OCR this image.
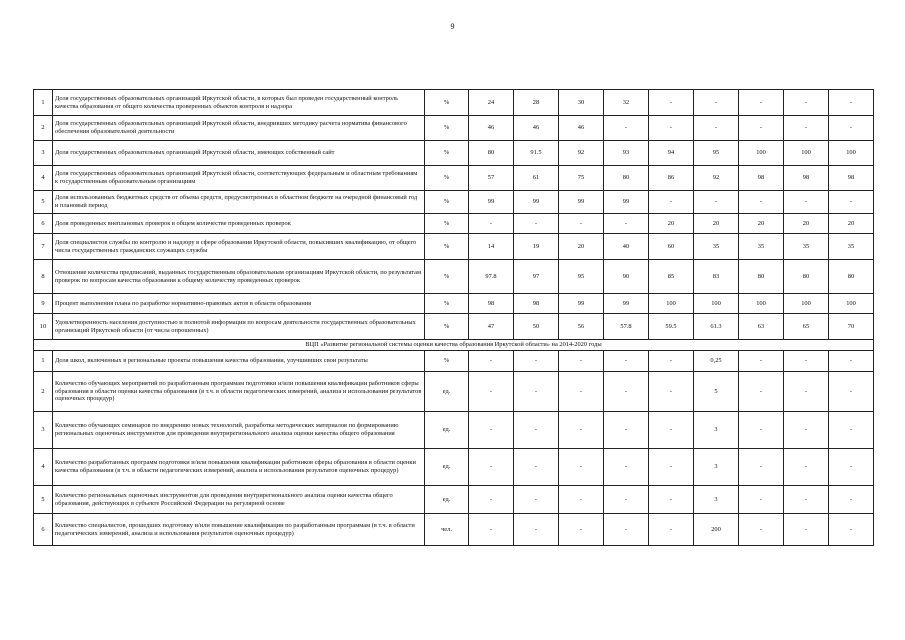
9
1	Доля государственных образовательных организаций Иркутской области, в которых был проведен государственный контроль качества образования от общего количества проверенных объектов контроля и надзора	%	24	28	30	32	-	-	-	-	-
2	Доля государственных образовательных организаций Иркутской области, внедривших методику расчета норматива финансового обеспечения образовательной деятельности	%	46	46	46	-	-	-	-	-	-
3	Доля государственных образовательных организаций Иркутской области, имеющих собственный сайт	%	80	91.5	92	93	94	95	100	100	100
4	Доля государственных образовательных организаций Иркутской области, соответствующих федеральным и областным требованиям к государственным образовательным организациям	%	57	61	75	80	86	92	98	98	98
5	Доля использованных бюджетных средств от объема средств, предусмотренных в областном бюджете на очередной финансовый год и плановый период	%	99	99	99	99	-	-	-	-	-
6	Доля проведенных внеплановых проверок в общем количестве проведенных проверок	%	-	-	-	-	20	20	20	20	20
7	Доля специалистов службы по контролю и надзору в сфере образования Иркутской области, повысивших квалификацию, от общего числа государственных гражданских служащих службы	%	14	19	20	40	60	35	35	35	35
8	Отношение количества предписаний, выданных государственным образовательным организациям Иркутской области, по результатам проверок по вопросам качества образования к общему количеству проведенных проверок	%	97.8	97	95	90	85	83	80	80	80
9	Процент выполнения плана по разработке нормативно-правовых актов в области образования	%	98	98	99	99	100	100	100	100	100
10	Удовлетворенность населения доступностью и полнотой информации по вопросам деятельности государственных образовательных организаций Иркутской области (от числа опрошенных)	%	47	50	56	57.8	59.5	61.3	63	65	70
ВЦП «Развитие региональной системы оценки качества образования Иркутской области» на 2014-2020 годы											
1	Доля школ, включенных в региональные проекты повышения качества образования, улучшивших свои результаты	%	-	-	-	-	-	0,25	-	-	-
2	Количество обучающих мероприятий по разработанным программам подготовки и/или повышения квалификации работников сферы образования в области оценки качества образования (в т.ч. в области педагогических измерений, анализа и использования результатов оценочных процедур)	ед.	-	-	-	-	-	5	-	-	-
3	Количество обучающих семинаров по внедрению новых технологий, разработка методических материалов по формированию региональных оценочных инструментов для проведения внутрирегионального анализа оценки качества общего образования	ед.	-	-	-	-	-	3	-	-	-
4	Количество разработанных программ подготовки и/или повышения квалификации работников сферы образования в области оценки качества образования (в т.ч. в области педагогических измерений, анализа и использования результатов оценочных процедур)	ед.	-	-	-	-	-	3	-	-	-
5	Количество региональных оценочных инструментов для проведения внутрирегионального анализа оценки качества общего образования, действующих в субъекте Российской Федерации на регулярной основе	ед.	-	-	-	-	-	3	-	-	-
6	Количество специалистов, прошедших подготовку и/или повышение квалификации по разработанным программам (в т.ч. в области педагогических измерений, анализа и использования результатов оценочных процедур)	чел.	-	-	-	-	-	200	-	-	-
